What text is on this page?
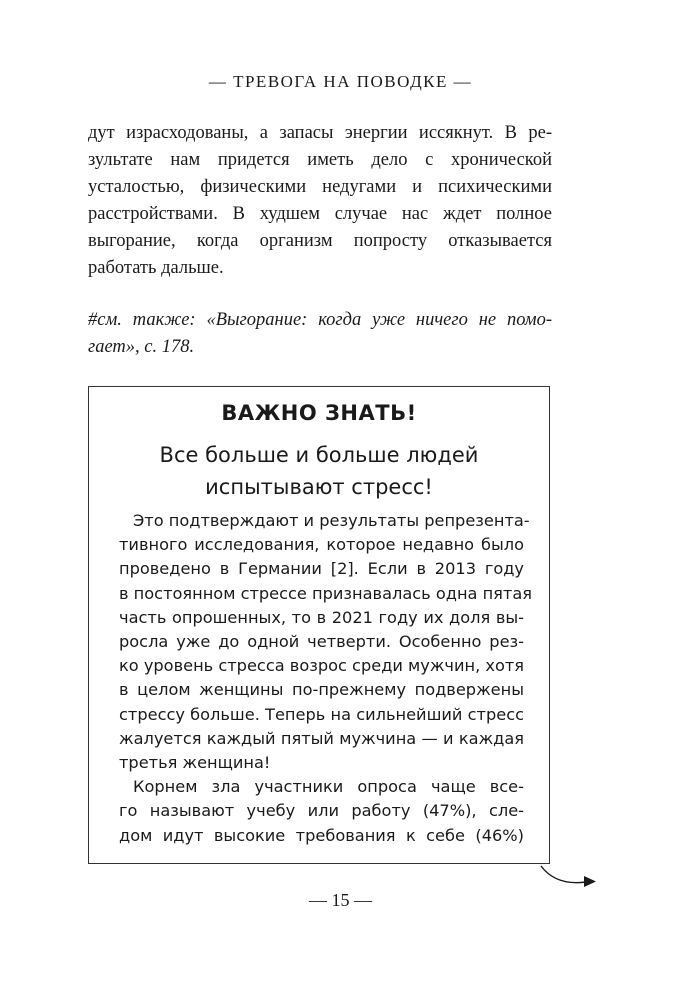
— ТРЕВОГА НА ПОВОДКЕ —
дут израсходованы, а запасы энергии иссякнут. В ре-
зультате нам придется иметь дело с хронической
усталостью, физическими недугами и психическими
расстройствами. В худшем случае нас ждет полное
выгорание, когда организм попросту отказывается
работать дальше.
#см. также: «Выгорание: когда уже ничего не помо-
гает», с. 178.
ВАЖНО ЗНАТЬ!
Все больше и больше людей
испытывают стресс!
Это подтверждают и результаты репрезента-
тивного исследования, которое недавно было
проведено в Германии [2]. Если в 2013 году
в постоянном стрессе признавалась одна пятая
часть опрошенных, то в 2021 году их доля вы-
росла уже до одной четверти. Особенно рез-
ко уровень стресса возрос среди мужчин, хотя
в целом женщины по-прежнему подвержены
стрессу больше. Теперь на сильнейший стресс
жалуется каждый пятый мужчина — и каждая
третья женщина!
Корнем зла участники опроса чаще все-
го называют учебу или работу (47%), сле-
дом идут высокие требования к себе (46%)
— 15 —
